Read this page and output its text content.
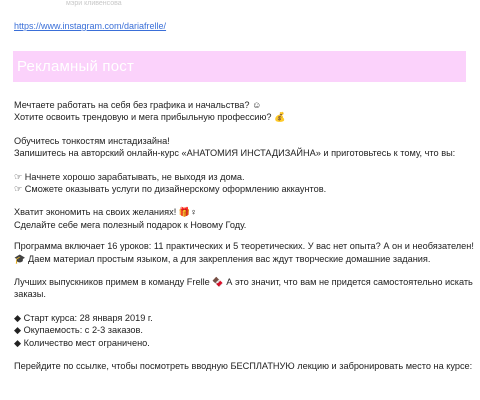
мэри кливенсова
https://www.instagram.com/dariafrelle/
Рекламный пост
Мечтаете работать на себя без графика и начальства? ☺
Хотите освоить трендовую и мега прибыльную профессию? 💰
Обучитесь тонкостям инстадизайна!
Запишитесь на авторский онлайн-курс «АНАТОМИЯ ИНСТАДИЗАЙНА» и приготовьтесь к тому, что вы:
☞ Начнете хорошо зарабатывать, не выходя из дома.
☞ Сможете оказывать услуги по дизайнерскому оформлению аккаунтов.
Хватит экономить на своих желаниях! 🎁♀
Сделайте себе мега полезный подарок к Новому Году.
Программа включает 16 уроков: 11 практических и 5 теоретических. У вас нет опыта? А он и необязателен!
🎓 Даем материал простым языком, а для закрепления вас ждут творческие домашние задания.
Лучших выпускников примем в команду Frelle 🍫 А это значит, что вам не придется самостоятельно искать
заказы.
◆ Старт курса: 28 января 2019 г.
◆ Окупаемость: с 2-3 заказов.
◆ Количество мест ограничено.
Перейдите по ссылке, чтобы посмотреть вводную БЕСПЛАТНУЮ лекцию и забронировать место на курсе:
